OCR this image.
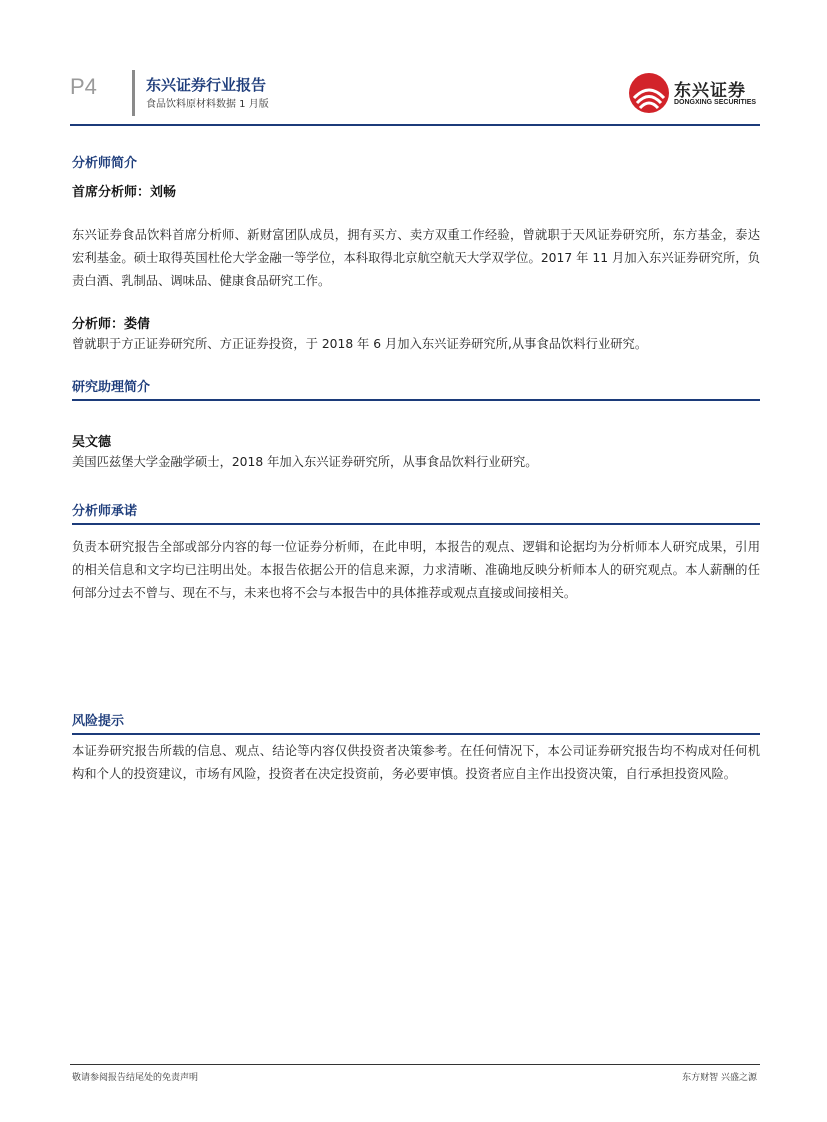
P4	东兴证券行业报告
食品饮料原材料数据 1 月版
东兴证券
DONGXING SECURITIES
分析师简介
首席分析师：刘畅
东兴证券食品饮料首席分析师、新财富团队成员，拥有买方、卖方双重工作经验，曾就职于天风证券研究所，东方基金，泰达宏利基金。硕士取得英国杜伦大学金融一等学位，本科取得北京航空航天大学双学位。2017 年 11 月加入东兴证券研究所，负责白酒、乳制品、调味品、健康食品研究工作。
分析师：娄倩
曾就职于方正证券研究所、方正证券投资，于 2018 年 6 月加入东兴证券研究所,从事食品饮料行业研究。
研究助理简介
吴文德
美国匹兹堡大学金融学硕士，2018 年加入东兴证券研究所，从事食品饮料行业研究。
分析师承诺
负责本研究报告全部或部分内容的每一位证券分析师，在此申明，本报告的观点、逻辑和论据均为分析师本人研究成果，引用的相关信息和文字均已注明出处。本报告依据公开的信息来源，力求清晰、准确地反映分析师本人的研究观点。本人薪酬的任何部分过去不曾与、现在不与，未来也将不会与本报告中的具体推荐或观点直接或间接相关。
风险提示
本证券研究报告所载的信息、观点、结论等内容仅供投资者决策参考。在任何情况下，本公司证券研究报告均不构成对任何机构和个人的投资建议，市场有风险，投资者在决定投资前，务必要审慎。投资者应自主作出投资决策，自行承担投资风险。
敬请参阅报告结尾处的免责声明	东方财智 兴盛之源
